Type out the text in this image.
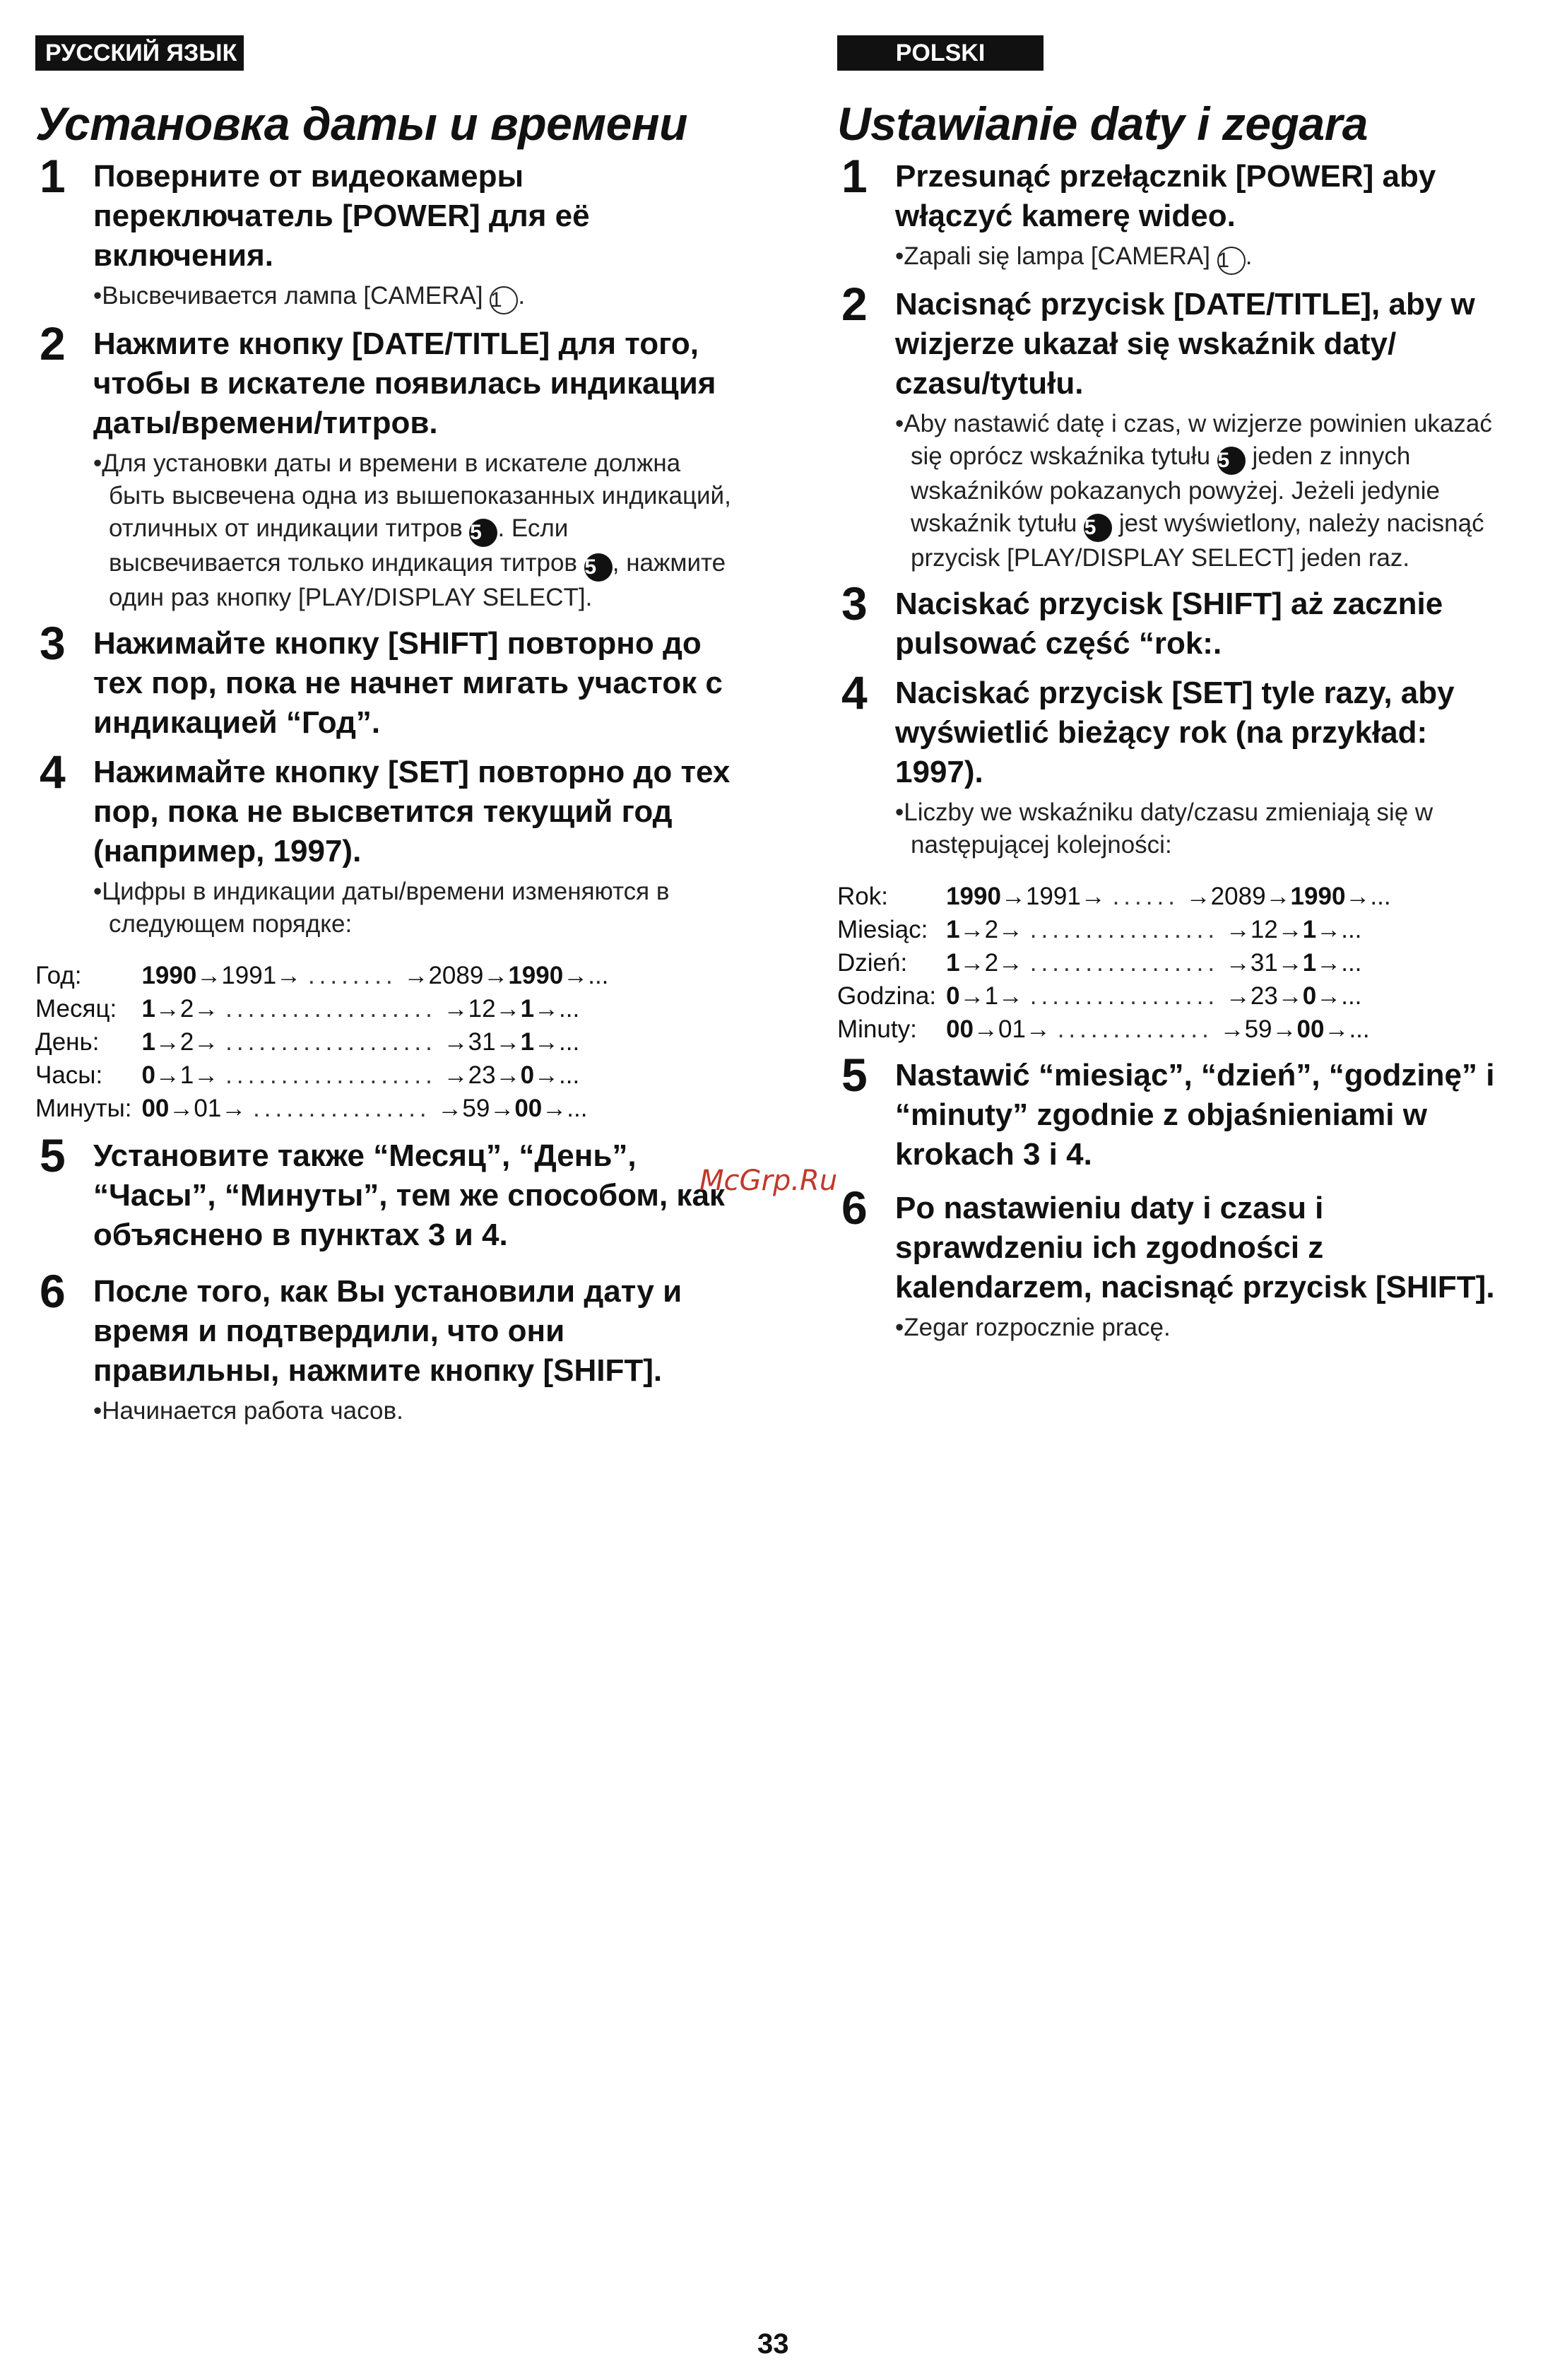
РУССКИЙ ЯЗЫК
Установка даты и времени
1 Поверните от видеокамеры переключатель [POWER] для её включения.
•Высвечивается лампа [CAMERA] 1 .
2 Нажмите кнопку [DATE/TITLE] для того, чтобы в искателе появилась индикация даты/времени/титров.
•Для установки даты и времени в искателе должна быть высвечена одна из вышепоказанных индикаций, отличных от индикации титров 5 . Если высвечивается только индикация титров 5 , нажмите один раз кнопку [PLAY/DISPLAY SELECT].
3 Нажимайте кнопку [SHIFT] повторно до тех пор, пока не начнет мигать участок с индикацией “Год”.
4 Нажимайте кнопку [SET] повторно до тех пор, пока не высветится текущий год (например, 1997).
•Цифры в индикации даты/времени изменяются в следующем порядке:
Год:	1990→1991→ ........ →2089→1990→...
Месяц:	1→2→ ................... →12→1→...
День:	1→2→ ................... →31→1→...
Часы:	0→1→ ................... →23→0→...
Минуты:	00→01→ ................ →59→00→...
5 Установите также “Месяц”, “День”, “Часы”, “Минуты”, тем же способом, как объяснено в пунктах 3 и 4.
6 После того, как Вы установили дату и время и подтвердили, что они правильны, нажмите кнопку [SHIFT].
•Начинается работа часов.
POLSKI
Ustawianie daty i zegara
1 Przesunąć przełącznik [POWER] aby włączyć kamerę wideo.
•Zapali się lampa [CAMERA] 1 .
2 Nacisnąć przycisk [DATE/TITLE], aby w wizjerze ukazał się wskaźnik daty/ czasu/tytułu.
•Aby nastawić datę i czas, w wizjerze powinien ukazać się oprócz wskaźnika tytułu 5 jeden z innych wskaźników pokazanych powyżej. Jeżeli jedynie wskaźnik tytułu 5 jest wyświetlony, należy nacisnąć przycisk [PLAY/DISPLAY SELECT] jeden raz.
3 Naciskać przycisk [SHIFT] aż zacznie pulsować część “rok:.
4 Naciskać przycisk [SET] tyle razy, aby wyświetlić bieżący rok (na przykład: 1997).
•Liczby we wskaźniku daty/czasu zmieniają się w następującej kolejności:
Rok:	1990→1991→ ...... →2089→1990→...
Miesiąc:	1→2→ ................. →12→1→...
Dzień:	1→2→ ................. →31→1→...
Godzina:	0→1→ ................. →23→0→...
Minuty:	00→01→ .............. →59→00→...
5 Nastawić “miesiąc”, “dzień”, “godzinę” i “minuty” zgodnie z objaśnieniami w krokach 3 i 4.
6 Po nastawieniu daty i czasu i sprawdzeniu ich zgodności z kalendarzem, nacisnąć przycisk [SHIFT].
•Zegar rozpocznie pracę.
McGrp.Ru
33
